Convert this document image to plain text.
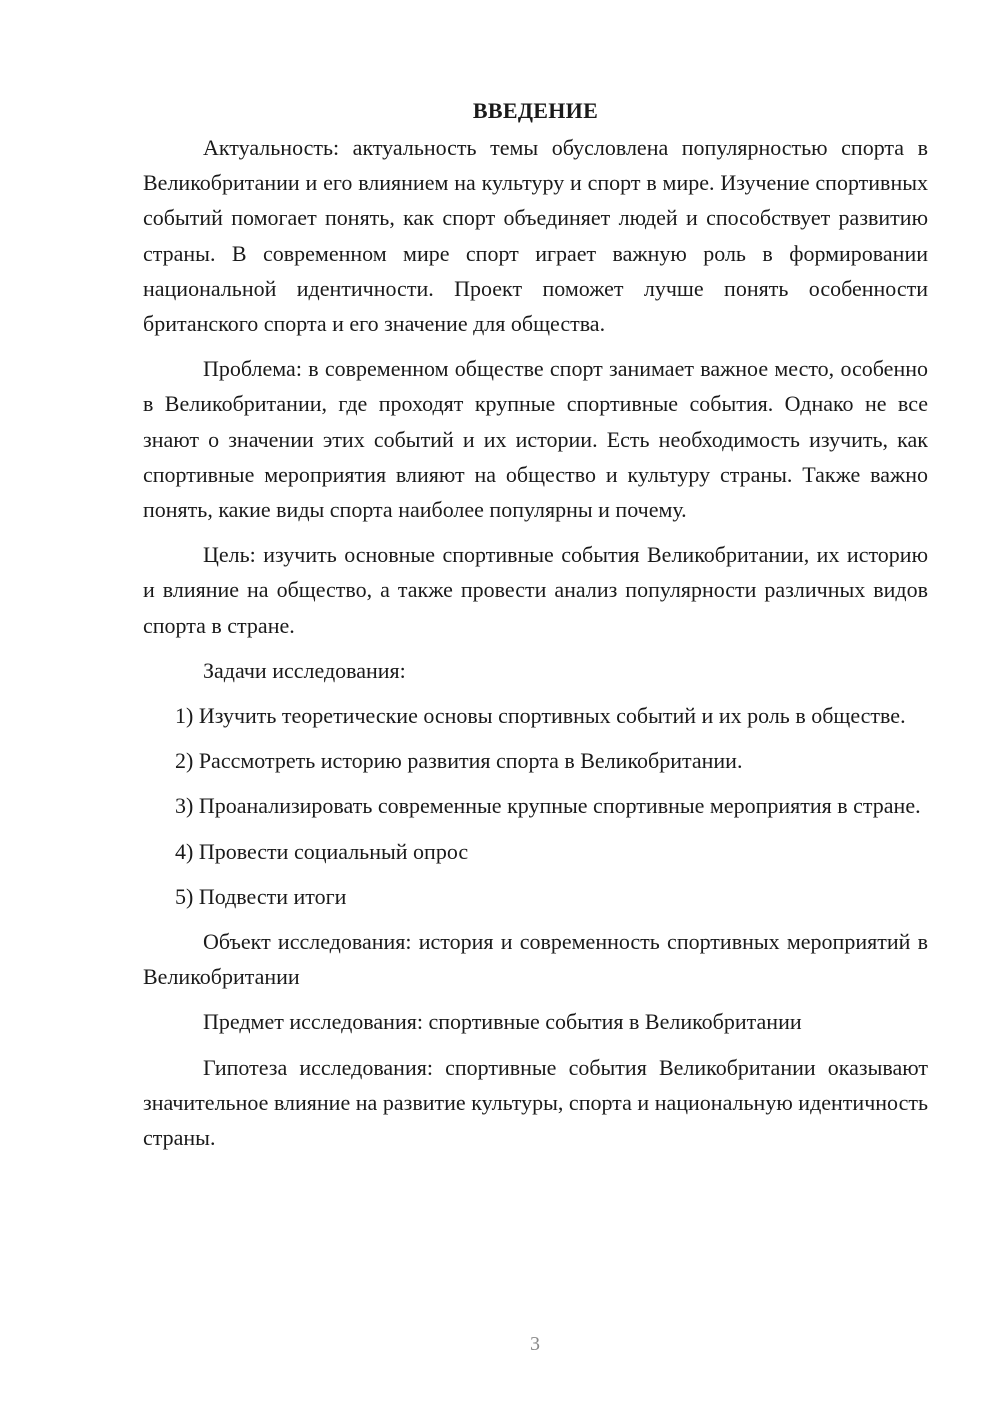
ВВЕДЕНИЕ

Актуальность: актуальность темы обусловлена популярностью спорта в Великобритании и его влиянием на культуру и спорт в мире. Изучение спортивных событий помогает понять, как спорт объединяет людей и способствует развитию страны. В современном мире спорт играет важную роль в формировании национальной идентичности. Проект поможет лучше понять особенности британского спорта и его значение для общества.

Проблема: в современном обществе спорт занимает важное место, особенно в Великобритании, где проходят крупные спортивные события. Однако не все знают о значении этих событий и их истории. Есть необходимость изучить, как спортивные мероприятия влияют на общество и культуру страны. Также важно понять, какие виды спорта наиболее популярны и почему.

Цель: изучить основные спортивные события Великобритании, их историю и влияние на общество, а также провести анализ популярности различных видов спорта в стране.

Задачи исследования:

1) Изучить теоретические основы спортивных событий и их роль в обществе.

2) Рассмотреть историю развития спорта в Великобритании.

3) Проанализировать современные крупные спортивные мероприятия в стране.

4) Провести социальный опрос

5) Подвести итоги

Объект исследования: история и современность спортивных мероприятий в Великобритании

Предмет исследования: спортивные события в Великобритании

Гипотеза исследования: спортивные события Великобритании оказывают значительное влияние на развитие культуры, спорта и национальную идентичность страны.

3
